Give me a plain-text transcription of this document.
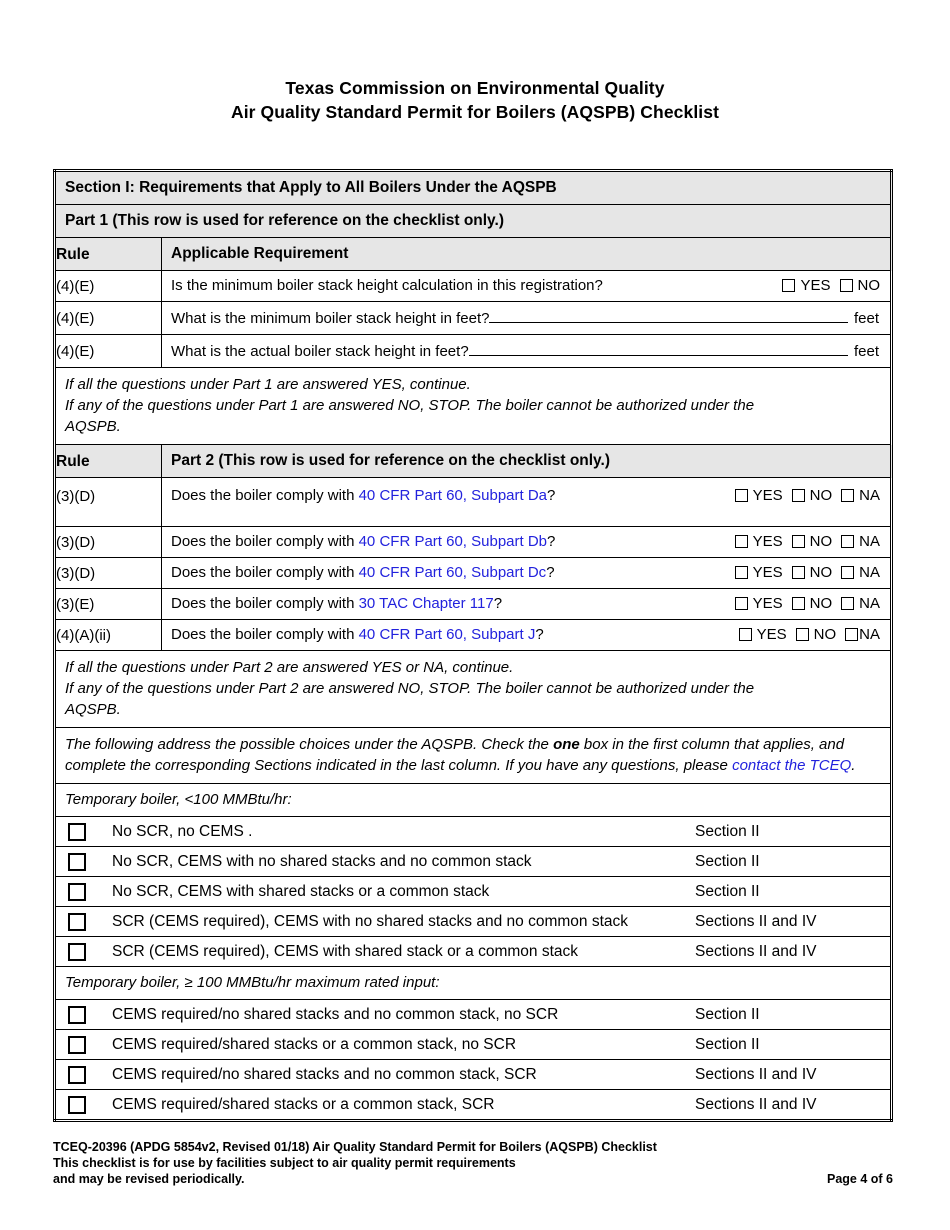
Texas Commission on Environmental Quality
Air Quality Standard Permit for Boilers (AQSPB) Checklist
Section I: Requirements that Apply to All Boilers Under the AQSPB	

Part 1 (This row is used for reference on the checklist only.)	

Rule	Applicable Requirement

(4)(E)	Is the minimum boiler stack height calculation in this registration? YES NO

(4)(E)	What is the minimum boiler stack height in feet? feet

(4)(E)	What is the actual boiler stack height in feet? feet

If all the questions under Part 1 are answered YES, continue.
If any of the questions under Part 1 are answered NO, STOP. The boiler cannot be authorized under the
AQSPB.	

Rule	Part 2 (This row is used for reference on the checklist only.)

(3)(D)	Does the boiler comply with 40 CFR Part 60, Subpart Da? YES NO NA

(3)(D)	Does the boiler comply with 40 CFR Part 60, Subpart Db? YES NO NA

(3)(D)	Does the boiler comply with 40 CFR Part 60, Subpart Dc? YES NO NA

(3)(E)	Does the boiler comply with 30 TAC Chapter 117? YES NO NA

(4)(A)(ii)	Does the boiler comply with 40 CFR Part 60, Subpart J? YES NO NA

If all the questions under Part 2 are answered YES or NA, continue.
If any of the questions under Part 2 are answered NO, STOP. The boiler cannot be authorized under the
AQSPB.	

The following address the possible choices under the AQSPB. Check the one box in the first column that applies, and complete the corresponding Sections indicated in the last column. If you have any questions, please contact the TCEQ.	

Temporary boiler, <100 MMBtu/hr:	

No SCR, no CEMS . Section II	

No SCR, CEMS with no shared stacks and no common stack Section II	

No SCR, CEMS with shared stacks or a common stack Section II	

SCR (CEMS required), CEMS with no shared stacks and no common stack Sections II and IV	

SCR (CEMS required), CEMS with shared stack or a common stack Sections II and IV	

Temporary boiler, ≥ 100 MMBtu/hr maximum rated input:	

CEMS required/no shared stacks and no common stack, no SCR Section II	

CEMS required/shared stacks or a common stack, no SCR Section II	

CEMS required/no shared stacks and no common stack, SCR Sections II and IV	

CEMS required/shared stacks or a common stack, SCR Sections II and IV	
TCEQ-20396 (APDG 5854v2, Revised 01/18) Air Quality Standard Permit for Boilers (AQSPB) Checklist
This checklist is for use by facilities subject to air quality permit requirements
and may be revised periodically.	Page 4 of 6
